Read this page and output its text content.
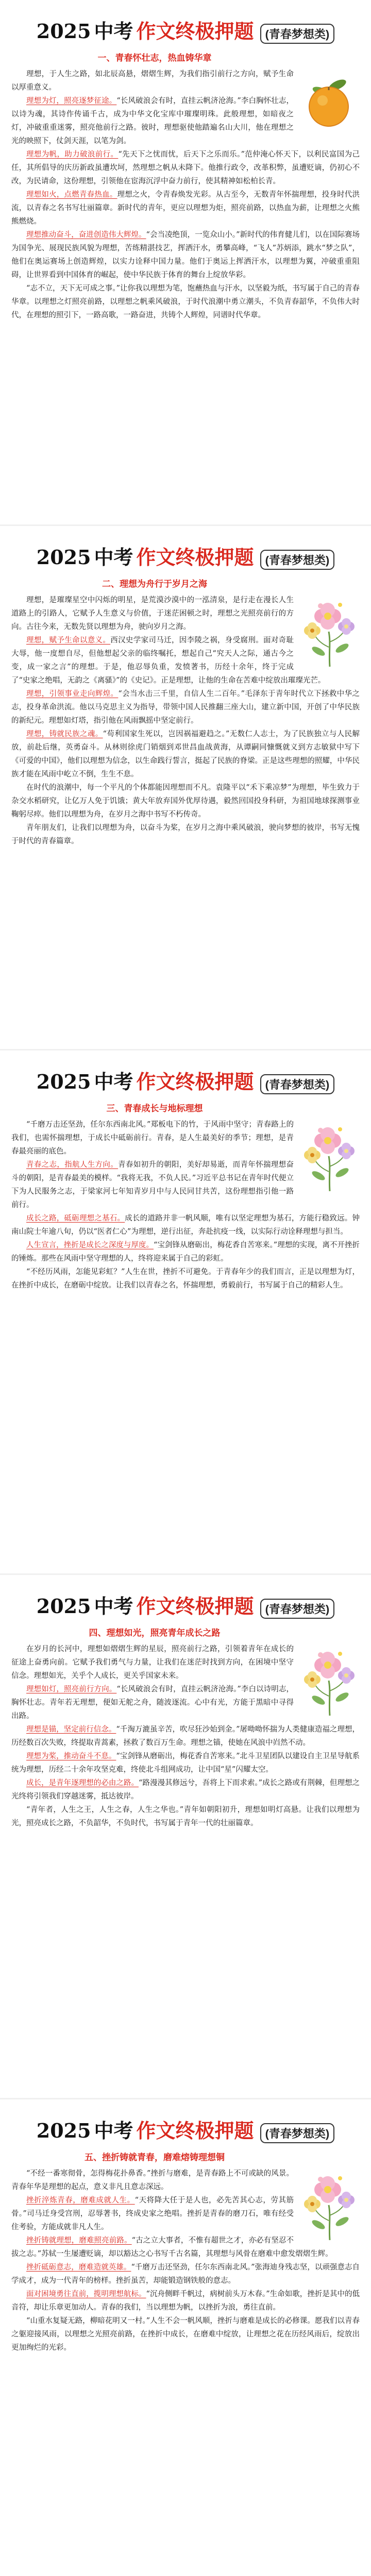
2025 中考 作文终极押题	(青春梦想类)
一、青春怀壮志，热血铸华章

理想，于人生之路，如北辰高悬，熠熠生辉，为我们指引前行之方向，赋予生命以厚重意义。

理想为灯，照亮逐梦征途。“长风破浪会有时，直挂云帆济沧海。”李白胸怀壮志，以诗为魂，其诗作传诵千古，成为中华文化宝库中璀璨明珠。此般理想，如暗夜之灯，冲破重重迷雾，照亮他前行之路。彼时，理想驱使他踏遍名山大川，他在理想之光的映照下，仗剑天涯，以笔为剑。

理想为帆，助力破浪前行。“先天下之忧而忧，后天下之乐而乐。”范仲淹心怀天下，以利民富国为己任，其所倡导的庆历新政虽遭坎坷，然理想之帆从未降下。他推行政令，改革积弊，虽遭贬谪，仍初心不改，为民请命，这份理想，引领他在宦海沉浮中奋力前行，使其精神如松柏长青。

理想如火，点燃青春热血。理想之火，令青春焕发光彩。从古至今，无数青年怀揣理想，投身时代洪流，以青春之名书写壮丽篇章。新时代的青年，更应以理想为炬，照亮前路，以热血为薪，让理想之火熊熊燃烧。

理想推动奋斗，奋进创造伟大辉煌。“会当凌绝顶，一览众山小。”新时代的伟育健儿们，以在国际赛场为国争光、展现民族风貌为理想，苦练精湛技艺，挥洒汗水，勇攀高峰，“飞人”苏炳添，跳水“梦之队”，他们在奥运赛场上创造辉煌，以实力诠释中国力量。他们于奥运上挥洒汗水，以理想为翼，冲破重重阻碍，让世界看到中国体育的崛起，使中华民族于体育的舞台上绽放华彩。

“志不立，天下无可成之事。”让你我以理想为笔，饱蘸热血与汗水，以坚毅为纸，书写属于自己的青春华章。以理想之灯照亮前路，以理想之帆乘风破浪，于时代浪潮中勇立潮头，不负青春韶华，不负伟大时代，在理想的照引下，一路高歌，一路奋进，共铸个人辉煌，同谱时代华章。

2025 中考 作文终极押题	(青春梦想类)
二、理想为舟行于岁月之海

理想，是璀璨星空中闪烁的明星，是荒漠沙漠中的一泓清泉，是行走在漫长人生道路上的引路人，它赋予人生意义与价值，于迷茫困顿之时，理想之光照亮前行的方向。古往今来，无数先贤以理想为舟，驶向岁月之海。

理想，赋予生命以意义。西汉史学家司马迁，因李陵之祸，身受腐刑。面对奇耻大辱，他一度想自尽，但他想起父亲的临终嘱托，想起自己“究天人之际，通古今之变，成一家之言”的理想。于是，他忍辱负重，发愤著书，历经十余年，终于完成了“史家之绝唱，无韵之《离骚》”的《史记》。正是理想，让他的生命在苦难中绽放出璀璨光芒。

理想，引领事业走向辉煌。“会当水击三千里，自信人生二百年。”毛泽东于青年时代立下拯救中华之志，投身革命洪流。他以马克思主义为指导，带领中国人民推翻三座大山，建立新中国，开创了中华民族的新纪元。理想如灯塔，指引他在风雨飘摇中坚定前行。

理想，铸就民族之魂。“苟利国家生死以，岂因祸福避趋之。”无数仁人志士，为了民族独立与人民解放，前赴后继，英勇奋斗。从林则徐虎门销烟到邓世昌血战黄海，从谭嗣同慷慨就义到方志敏狱中写下《可爱的中国》，他们以理想为信念，以生命践行誓言，挺起了民族的脊梁。正是这些理想的照耀，中华民族才能在风雨中屹立不倒，生生不息。

在时代的浪潮中，每一个平凡的个体都能因理想而不凡。袁隆平以“禾下乘凉梦”为理想，毕生致力于杂交水稻研究，让亿万人免于饥饿；黄大年放弃国外优厚待遇，毅然回国投身科研，为祖国地球探测事业鞠躬尽瘁。他们以理想为舟，在岁月之海中书写不朽传奇。

青年朋友们，让我们以理想为舟，以奋斗为桨，在岁月之海中乘风破浪，驶向梦想的彼岸，书写无愧于时代的青春篇章。

2025 中考 作文终极押题	(青春梦想类)
三、青春成长与地标理想

“千磨万击还坚劲，任尔东西南北风。”郑板电下的竹，于风雨中坚守；青春路上的我们，也需怀揣理想，于成长中砥砺前行。青春，是人生最美好的季节；理想，是青春最亮丽的底色。

青春之志，指航人生方向。青春如初升的朝阳，美好却易逝，而青年怀揣理想奋斗的朝阳，是青春最美的模样。“我将无我，不负人民。”习近平总书记在青年时代便立下为人民服务之志，于梁家河七年知青岁月中与人民同甘共苦，这份理想指引他一路前行。

成长之路，砥砺理想之基石。成长的道路并非一帆风顺，唯有以坚定理想为基石，方能行稳致远。钟南山院士年逾八旬，仍以“医者仁心”为理想，逆行出征，奔赴抗疫一线，以实际行动诠释理想与担当。

人生宣言，挫折是成长之深度与厚度。“宝剑锋从磨砺出，梅花香自苦寒来。”理想的实现，离不开挫折的锤炼。那些在风雨中坚守理想的人，终将迎来属于自己的彩虹。

“不经历风雨，怎能见彩虹？”人生在世，挫折不可避免。于青春年少的我们而言，正是以理想为灯，在挫折中成长，在磨砺中绽放。让我们以青春之名，怀揣理想，勇毅前行，书写属于自己的精彩人生。

2025 中考 作文终极押题	(青春梦想类)
四、理想如光，照亮青年成长之路

在岁月的长河中，理想如熠熠生辉的星辰，照亮前行之路，引领着青年在成长的征途上奋勇向前。它赋予我们勇气与力量，让我们在迷茫时找到方向，在困境中坚守信念。理想如光，关乎个人成长，更关乎国家未来。

理想如灯，照亮前行方向。“长风破浪会有时，直挂云帆济沧海。”李白以诗明志，胸怀壮志。青年若无理想，便如无舵之舟，随波逐流。心中有光，方能于黑暗中寻得出路。

理想是锚，坚定前行信念。“千淘万漉虽辛苦，吹尽狂沙始到金。”屠呦呦怀揣为人类健康造福之理想，历经数百次失败，终提取青蒿素，拯救了数百万生命。理想之锚，使她在风浪中岿然不动。

理想为桨，推动奋斗不息。“宝剑锋从磨砺出，梅花香自苦寒来。”北斗卫星团队以建设自主卫星导航系统为理想，历经二十余年攻坚克难，终使北斗组网成功，让中国“星”闪耀太空。

成长，是青年逐理想的必由之路。“路漫漫其修远兮，吾将上下而求索。”成长之路或有荆棘，但理想之光终将引领我们穿越迷雾，抵达彼岸。

“青年者，人生之王，人生之春，人生之华也。”青年如朝阳初升，理想如明灯高悬。让我们以理想为光，照亮成长之路，不负韶华，不负时代，书写属于青年一代的壮丽篇章。

2025 中考 作文终极押题	(青春梦想类)
五、挫折铸就青春，磨难熔铸理想铜

“不经一番寒彻骨，怎得梅花扑鼻香。”挫折与磨难，是青春路上不可或缺的风景。青春年华是理想的起点，意义非凡且意志深远。

挫折淬炼青春，磨难成就人生。“天将降大任于是人也，必先苦其心志，劳其筋骨。”司马迁身受宫刑，忍辱著书，终成史家之绝唱。挫折是青春的磨刀石，唯有经受住考验，方能成就非凡人生。

挫折铸就理想，磨难照亮前路。“古之立大事者，不惟有超世之才，亦必有坚忍不拔之志。”苏轼一生屡遭贬谪，却以豁达之心书写千古名篇，其理想与风骨在磨难中愈发熠熠生辉。

挫折砥砺意志，磨难造就英雄。“千磨万击还坚劲，任尔东西南北风。”张海迪身残志坚，以顽强意志自学成才，成为一代青年的榜样。挫折虽苦，却能锻造钢铁般的意志。

面对困境勇往直前，揽明理想航标。“沉舟侧畔千帆过，病树前头万木春。”生命如歌，挫折是其中的低音符，却让乐章更加动人。青春的我们，当以理想为帆，以挫折为浪，勇往直前。

“山重水复疑无路，柳暗花明又一村。”人生不会一帆风顺，挫折与磨难是成长的必修课。愿我们以青春之躯迎接风雨，以理想之光照亮前路，在挫折中成长，在磨难中绽放，让理想之花在历经风雨后，绽放出更加绚烂的光彩。
